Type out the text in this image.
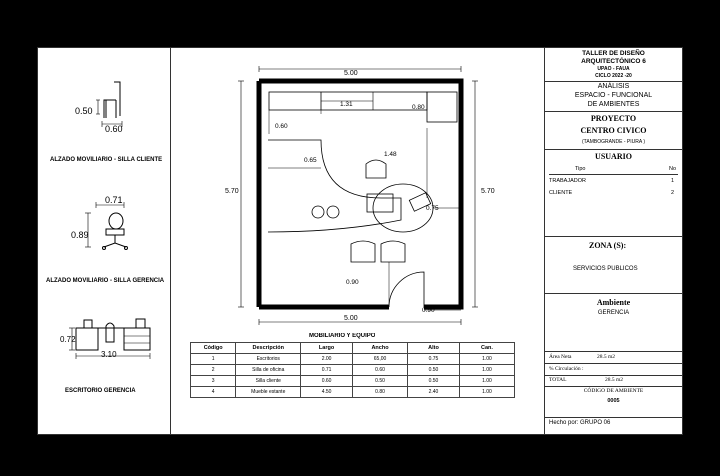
0.50
0.60
ALZADO MOVILIARIO - SILLA CLIENTE
0.71
0.89
ALZADO MOVILIARIO - SILLA GERENCIA
0.72
3.10
ESCRITORIO GERENCIA
5.00
5.00
5.70	5.70
1.31
0.60
0.80
0.65
1.48
0.75
0.90
0.90
MOBILIARIO Y EQUIPO
Código	Descripción	Largo	Ancho	Alto	Can.
1	Escritorios	2.00	65,00	0.75	1.00
2	Silla de oficina	0.71	0.60	0.50	1.00
3	Silla cliente	0.60	0.50	0.50	1.00
4	Mueble estante	4.50	0.80	2.40	1.00
TALLER DE DISEÑO
ARQUITECTÓNICO 6
UPAO - FAUA
CICLO 2022 -20
ANÁLISIS
ESPACIO - FUNCIONAL
DE AMBIENTES
PROYECTO
CENTRO CIVICO
(TAMBOGRANDE - PIURA )
USUARIO
Tipo	No
TRABAJADOR	1
CLIENTE	2
ZONA (S):
SERVICIOS PUBLICOS
Ambiente
GERENCIA
Área Neta	28.5 m2
% Circulación :
TOTAL	28.5 m2
CÓDIGO DE AMBIENTE
0005
Hecho por: GRUPO 06
